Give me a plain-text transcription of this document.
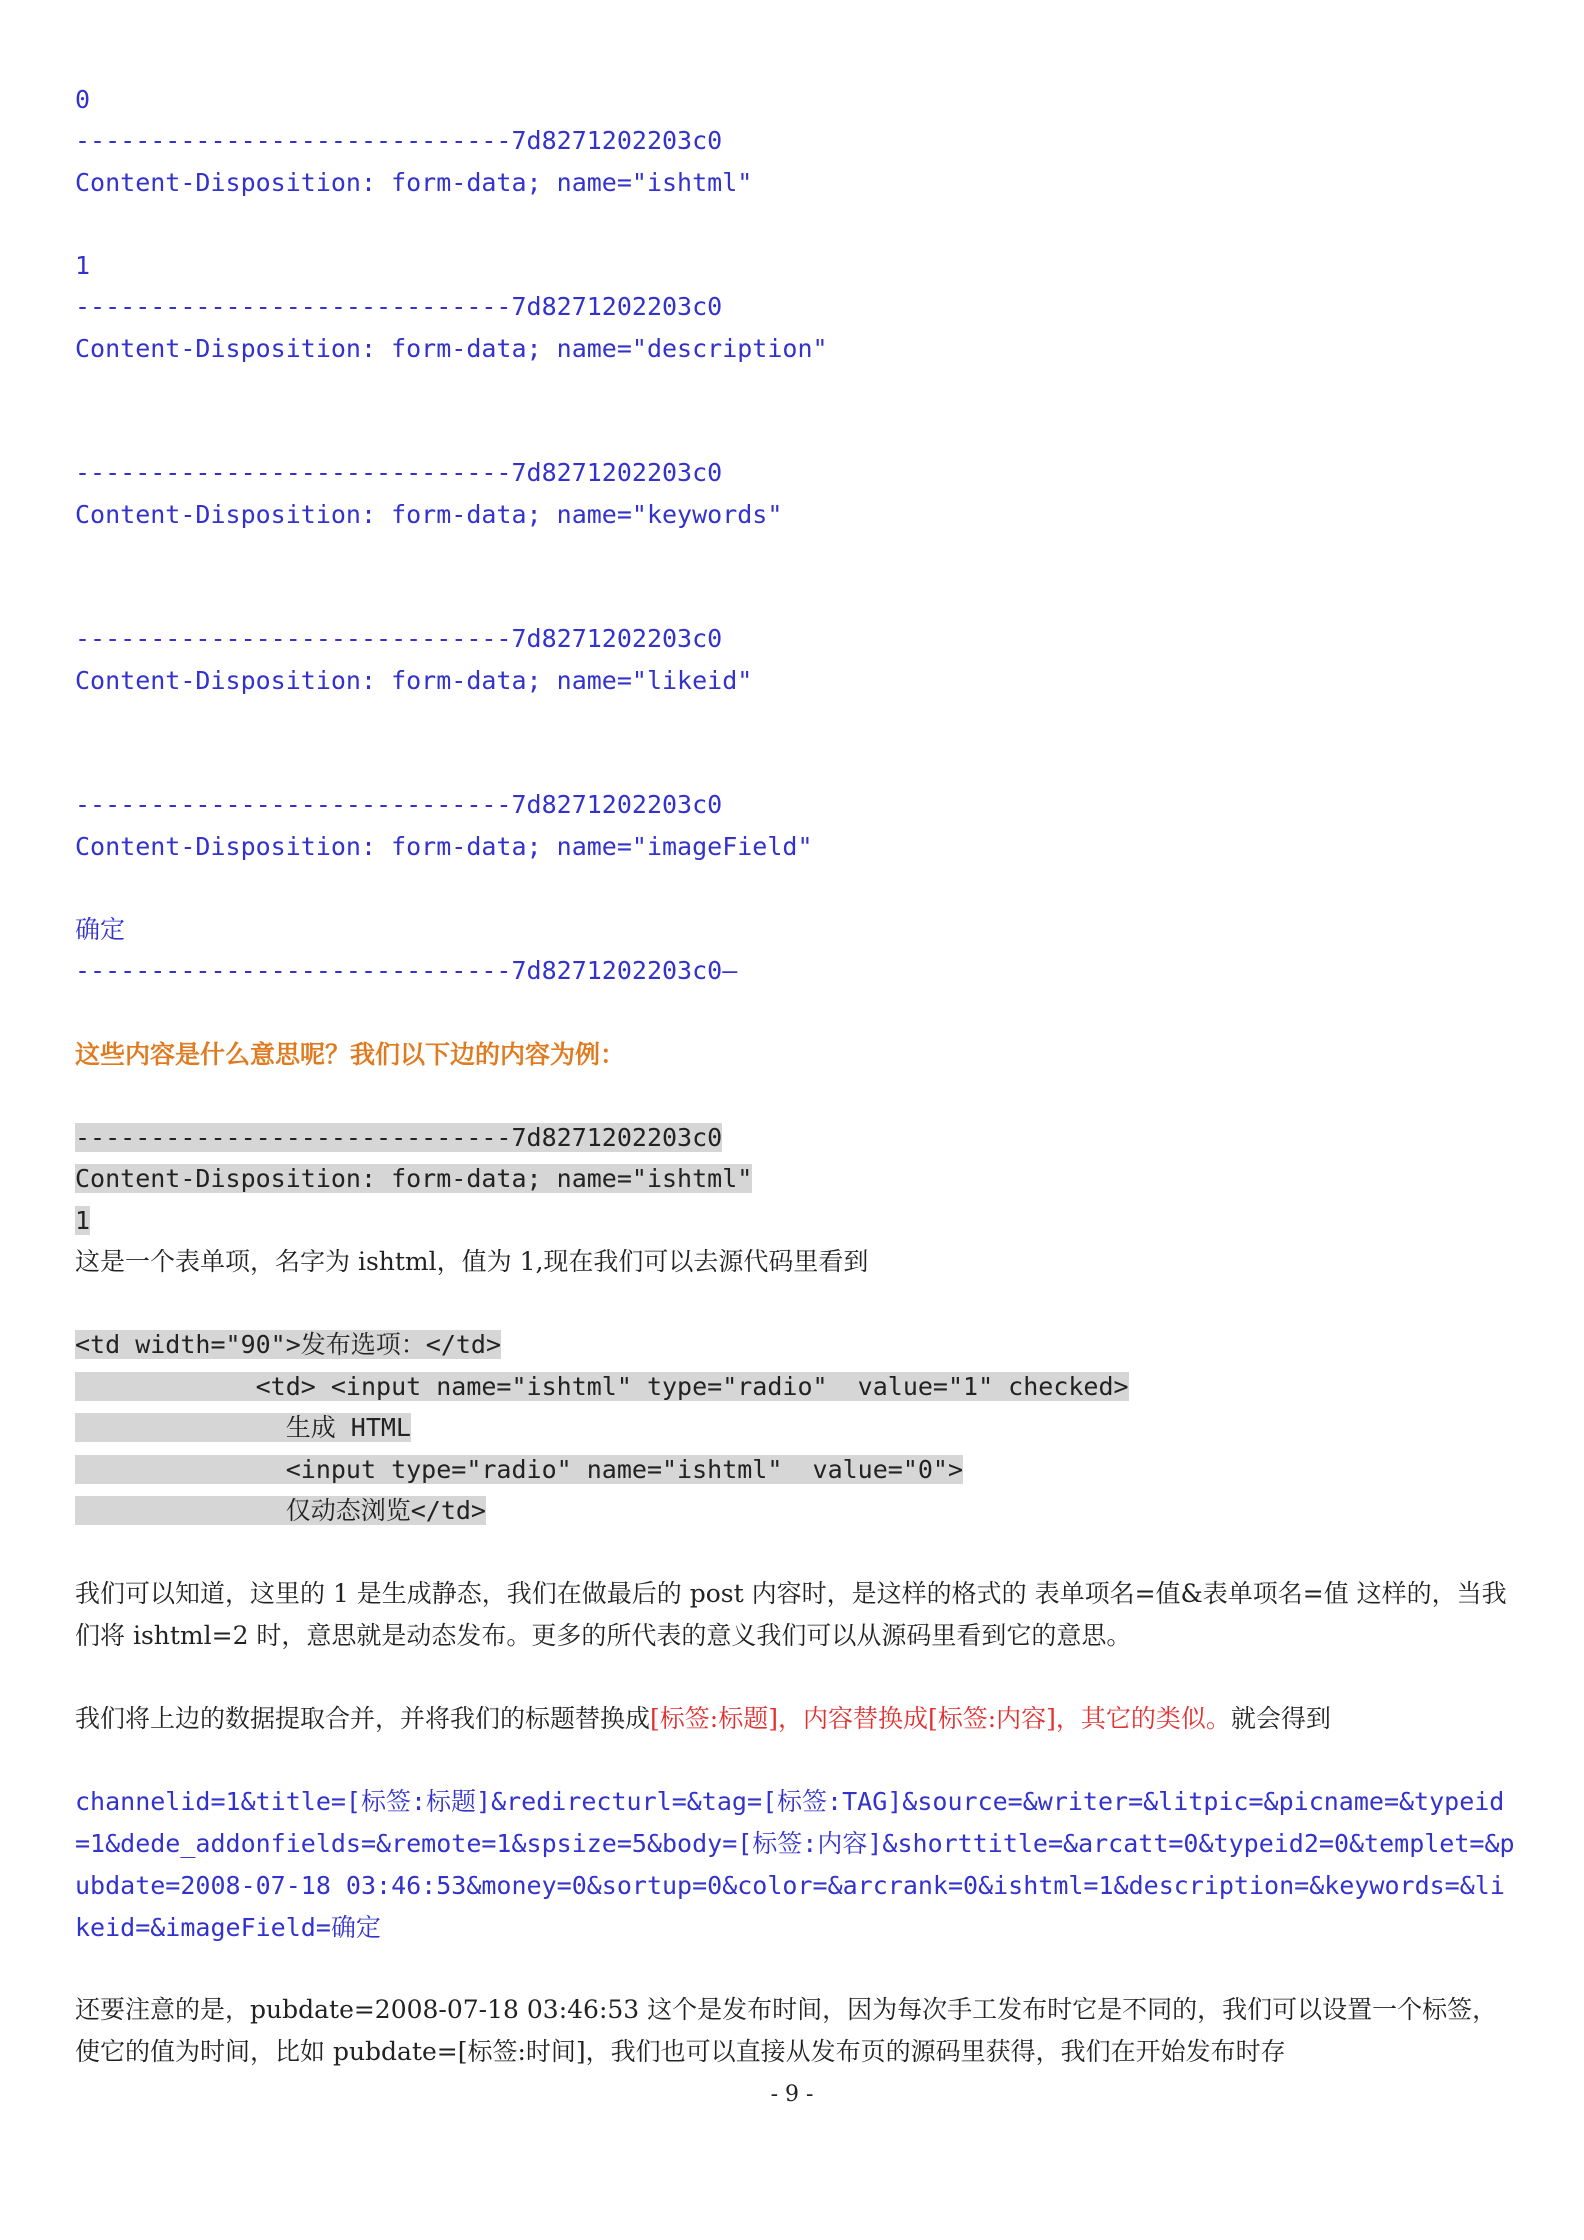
0
-----------------------------7d8271202203c0
Content-Disposition: form-data; name="ishtml"
1
-----------------------------7d8271202203c0
Content-Disposition: form-data; name="description"
-----------------------------7d8271202203c0
Content-Disposition: form-data; name="keywords"
-----------------------------7d8271202203c0
Content-Disposition: form-data; name="likeid"
-----------------------------7d8271202203c0
Content-Disposition: form-data; name="imageField"
确定
-----------------------------7d8271202203c0—
这些内容是什么意思呢？我们以下边的内容为例：
-----------------------------7d8271202203c0
Content-Disposition: form-data; name="ishtml"
1
这是一个表单项，名字为 ishtml，值为 1,现在我们可以去源代码里看到
<td width="90">发布选项：</td>
<td> <input name="ishtml" type="radio"  value="1" checked>
生成 HTML
<input type="radio" name="ishtml"  value="0">
仅动态浏览</td>
我们可以知道，这里的 1 是生成静态，我们在做最后的 post 内容时，是这样的格式的 表单项名=值&表单项名=值 这样的，当我们将 ishtml=2 时，意思就是动态发布。更多的所代表的意义我们可以从源码里看到它的意思。
我们将上边的数据提取合并，并将我们的标题替换成[标签:标题]，内容替换成[标签:内容]，其它的类似。就会得到
channelid=1&title=[标签:标题]&redirecturl=&tag=[标签:TAG]&source=&writer=&litpic=&picname=&typeid=1&dede_addonfields=&remote=1&spsize=5&body=[标签:内容]&shorttitle=&arcatt=0&typeid2=0&templet=&pubdate=2008-07-18 03:46:53&money=0&sortup=0&color=&arcrank=0&ishtml=1&description=&keywords=&likeid=&imageField=确定
还要注意的是，pubdate=2008-07-18 03:46:53 这个是发布时间，因为每次手工发布时它是不同的，我们可以设置一个标签，使它的值为时间，比如 pubdate=[标签:时间]，我们也可以直接从发布页的源码里获得，我们在开始发布时存
- 9 -
